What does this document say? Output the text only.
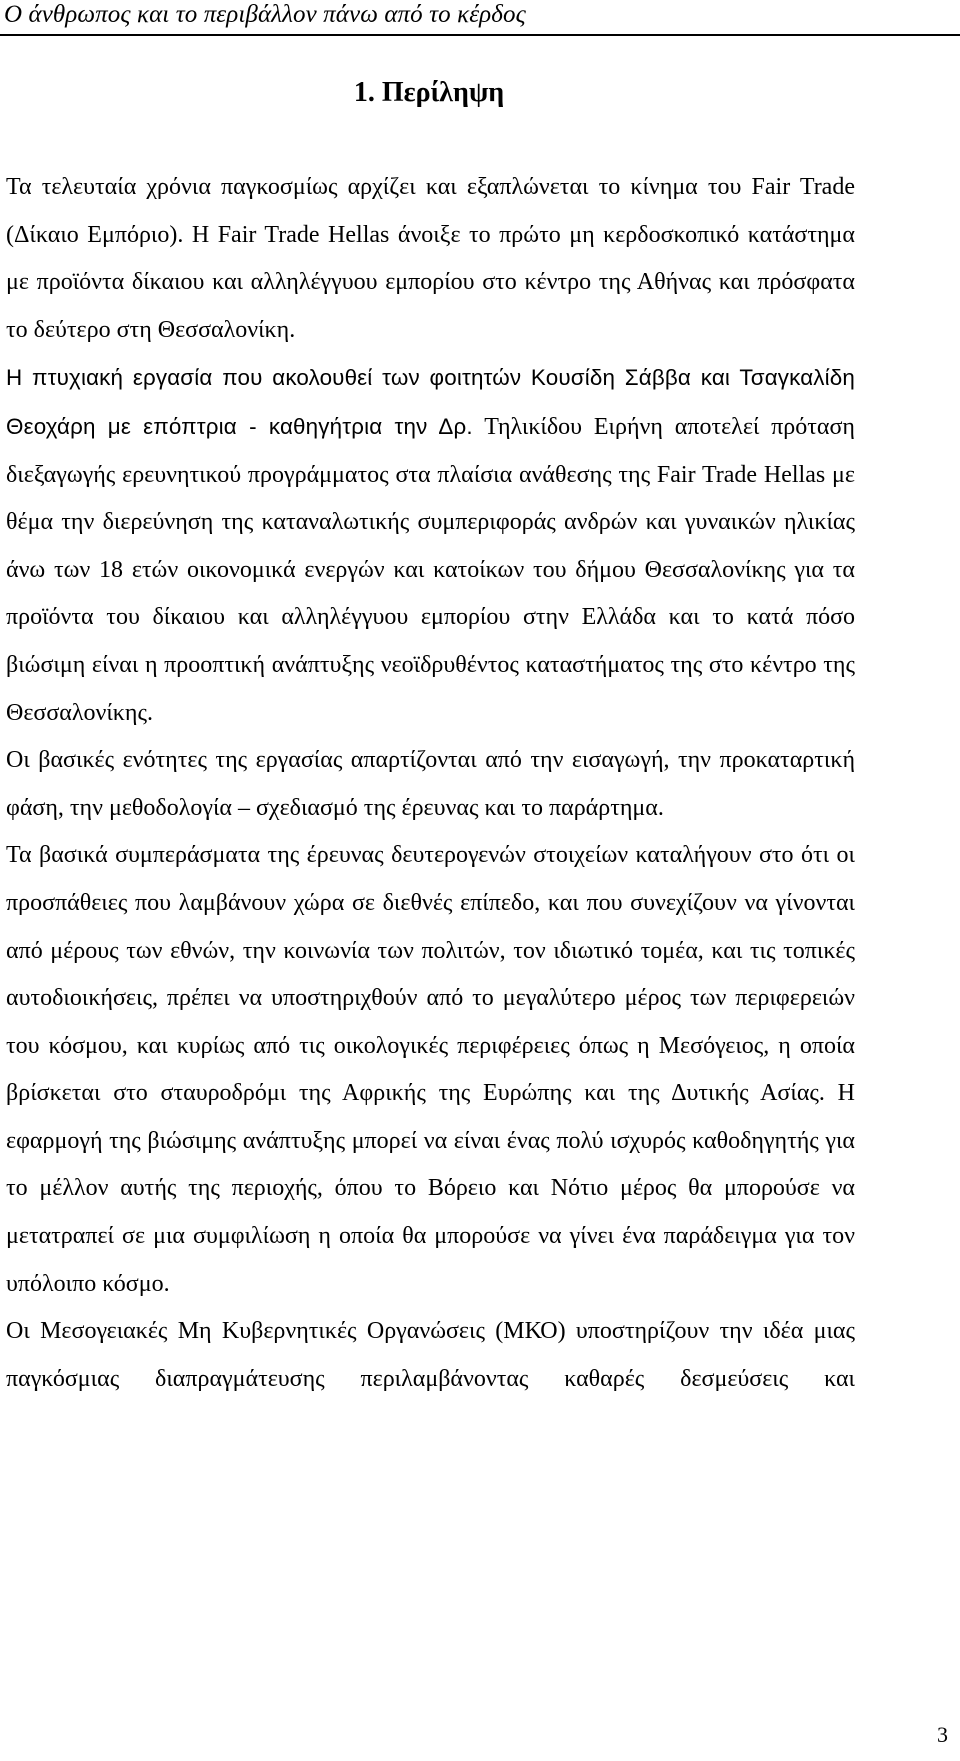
Ο άνθρωπος και το περιβάλλον πάνω από το κέρδος
1. Περίληψη

Τα τελευταία χρόνια παγκοσμίως αρχίζει και εξαπλώνεται το κίνημα του Fair Trade (Δίκαιο Εμπόριο). Η Fair Trade Hellas άνοιξε το πρώτο μη κερδοσκοπικό κατάστημα με προϊόντα δίκαιου και αλληλέγγυου εμπορίου στο κέντρο της Αθήνας και πρόσφατα το δεύτερο στη Θεσσαλονίκη.

Η πτυχιακή εργασία που ακολουθεί των φοιτητών Κουσίδη Σάββα και Τσαγκαλίδη Θεοχάρη με επόπτρια - καθηγήτρια την Δρ. Τηλικίδου Ειρήνη αποτελεί πρόταση διεξαγωγής ερευνητικού προγράμματος στα πλαίσια ανάθεσης της Fair Trade Hellas με θέμα την διερεύνηση της καταναλωτικής συμπεριφοράς ανδρών και γυναικών ηλικίας άνω των 18 ετών οικονομικά ενεργών και κατοίκων του δήμου Θεσσαλονίκης για τα προϊόντα του δίκαιου και αλληλέγγυου εμπορίου στην Ελλάδα και το κατά πόσο βιώσιμη είναι η προοπτική ανάπτυξης νεοϊδρυθέντος καταστήματος της στο κέντρο της Θεσσαλονίκης.

Οι βασικές ενότητες της εργασίας απαρτίζονται από την εισαγωγή, την προκαταρτική φάση, την μεθοδολογία – σχεδιασμό της έρευνας και το παράρτημα.

Τα βασικά συμπεράσματα της έρευνας δευτερογενών στοιχείων καταλήγουν στο ότι οι προσπάθειες που λαμβάνουν χώρα σε διεθνές επίπεδο, και που συνεχίζουν να γίνονται από μέρους των εθνών, την κοινωνία των πολιτών, τον ιδιωτικό τομέα, και τις τοπικές αυτοδιοικήσεις, πρέπει να υποστηριχθούν από το μεγαλύτερο μέρος των περιφερειών του κόσμου, και κυρίως από τις οικολογικές περιφέρειες όπως η Μεσόγειος, η οποία βρίσκεται στο σταυροδρόμι της Αφρικής της Ευρώπης και της Δυτικής Ασίας. Η εφαρμογή της βιώσιμης ανάπτυξης μπορεί να είναι ένας πολύ ισχυρός καθοδηγητής για το μέλλον αυτής της περιοχής, όπου το Βόρειο και Νότιο μέρος θα μπορούσε να μετατραπεί σε μια συμφιλίωση η οποία θα μπορούσε να γίνει ένα παράδειγμα για τον υπόλοιπο κόσμο.

Οι Μεσογειακές Μη Κυβερνητικές Οργανώσεις (ΜΚΟ) υποστηρίζουν την ιδέα μιας παγκόσμιας διαπραγμάτευσης περιλαμβάνοντας καθαρές δεσμεύσεις και

3
